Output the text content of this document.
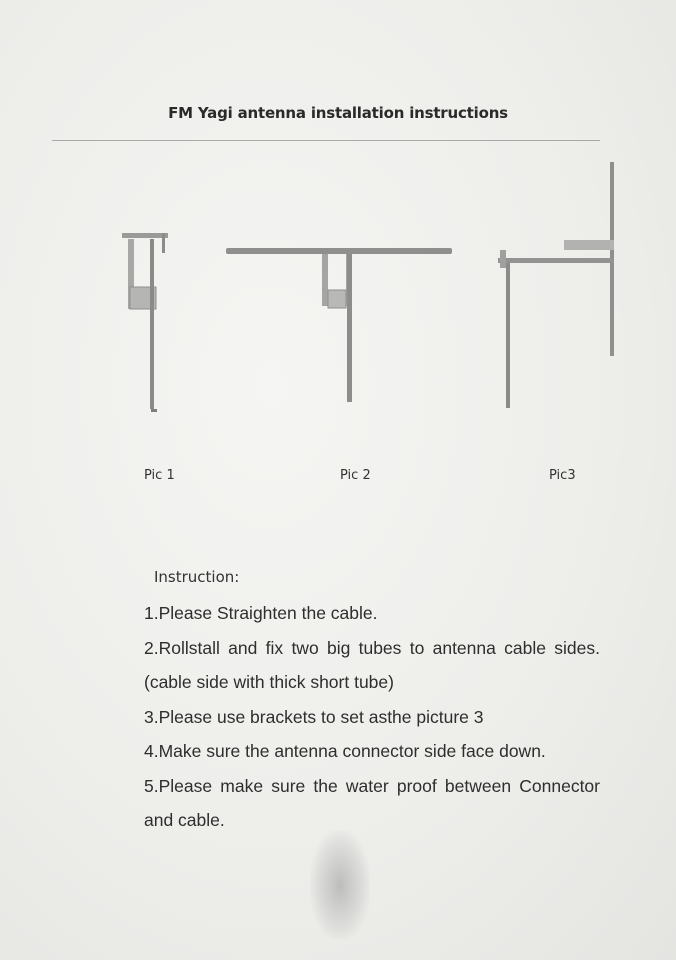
FM Yagi antenna installation instructions
Pic 1	Pic 2	Pic3
Instruction:
1.Please Straighten the cable.
2.Rollstall and fix two big tubes to antenna cable sides.(cable side with thick short tube)
3.Please use brackets to set asthe picture 3
4.Make sure the antenna connector side face down.
5.Please make sure the water proof between Connector and cable.
